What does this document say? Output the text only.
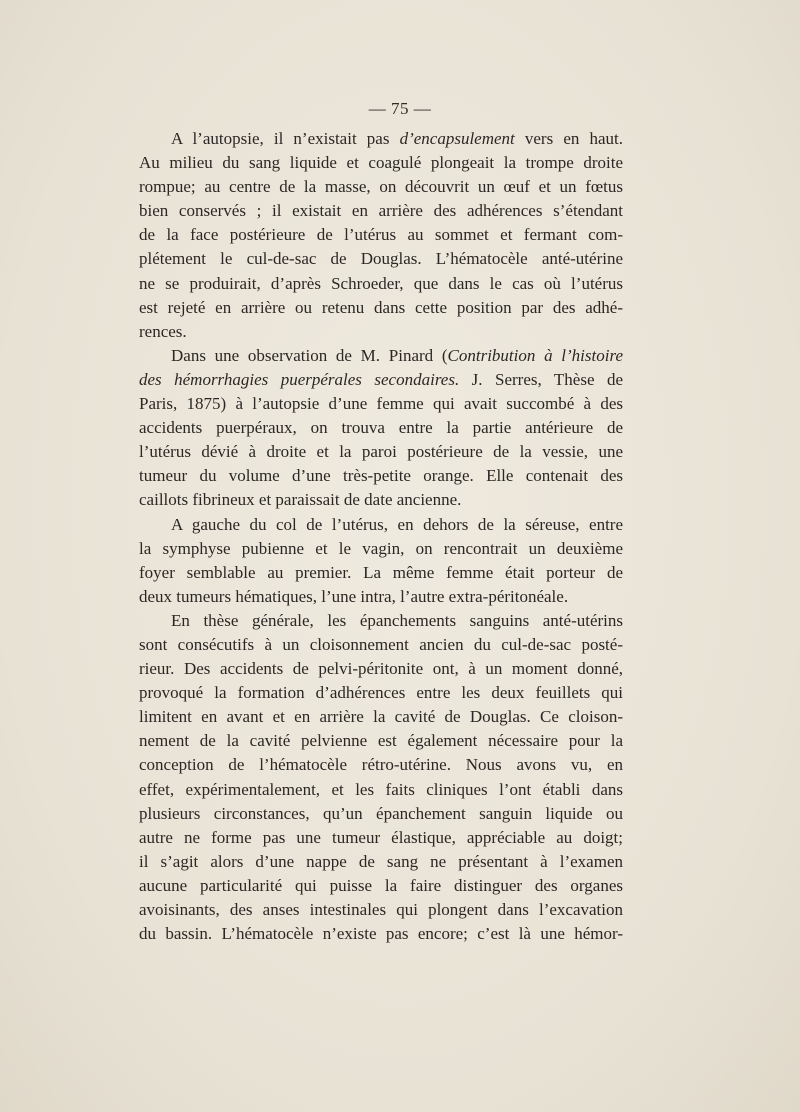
— 75 —
A l’autopsie, il n’existait pas d’encapsulement vers en haut.
Au milieu du sang liquide et coagulé plongeait la trompe droite
rompue; au centre de la masse, on découvrit un œuf et un fœtus
bien conservés ; il existait en arrière des adhérences s’étendant
de la face postérieure de l’utérus au sommet et fermant com-
plétement le cul-de-sac de Douglas. L’hématocèle anté-utérine
ne se produirait, d’après Schroeder, que dans le cas où l’utérus
est rejeté en arrière ou retenu dans cette position par des adhé-
rences.
Dans une observation de M. Pinard (Contribution à l’histoire
des hémorrhagies puerpérales secondaires. J. Serres, Thèse de
Paris, 1875) à l’autopsie d’une femme qui avait succombé à des
accidents puerpéraux, on trouva entre la partie antérieure de
l’utérus dévié à droite et la paroi postérieure de la vessie, une
tumeur du volume d’une très-petite orange. Elle contenait des
caillots fibrineux et paraissait de date ancienne.
A gauche du col de l’utérus, en dehors de la séreuse, entre
la symphyse pubienne et le vagin, on rencontrait un deuxième
foyer semblable au premier. La même femme était porteur de
deux tumeurs hématiques, l’une intra, l’autre extra-péritonéale.
En thèse générale, les épanchements sanguins anté-utérins
sont consécutifs à un cloisonnement ancien du cul-de-sac posté-
rieur. Des accidents de pelvi-péritonite ont, à un moment donné,
provoqué la formation d’adhérences entre les deux feuillets qui
limitent en avant et en arrière la cavité de Douglas. Ce cloison-
nement de la cavité pelvienne est également nécessaire pour la
conception de l’hématocèle rétro-utérine. Nous avons vu, en
effet, expérimentalement, et les faits cliniques l’ont établi dans
plusieurs circonstances, qu’un épanchement sanguin liquide ou
autre ne forme pas une tumeur élastique, appréciable au doigt;
il s’agit alors d’une nappe de sang ne présentant à l’examen
aucune particularité qui puisse la faire distinguer des organes
avoisinants, des anses intestinales qui plongent dans l’excavation
du bassin. L’hématocèle n’existe pas encore; c’est là une hémor-
